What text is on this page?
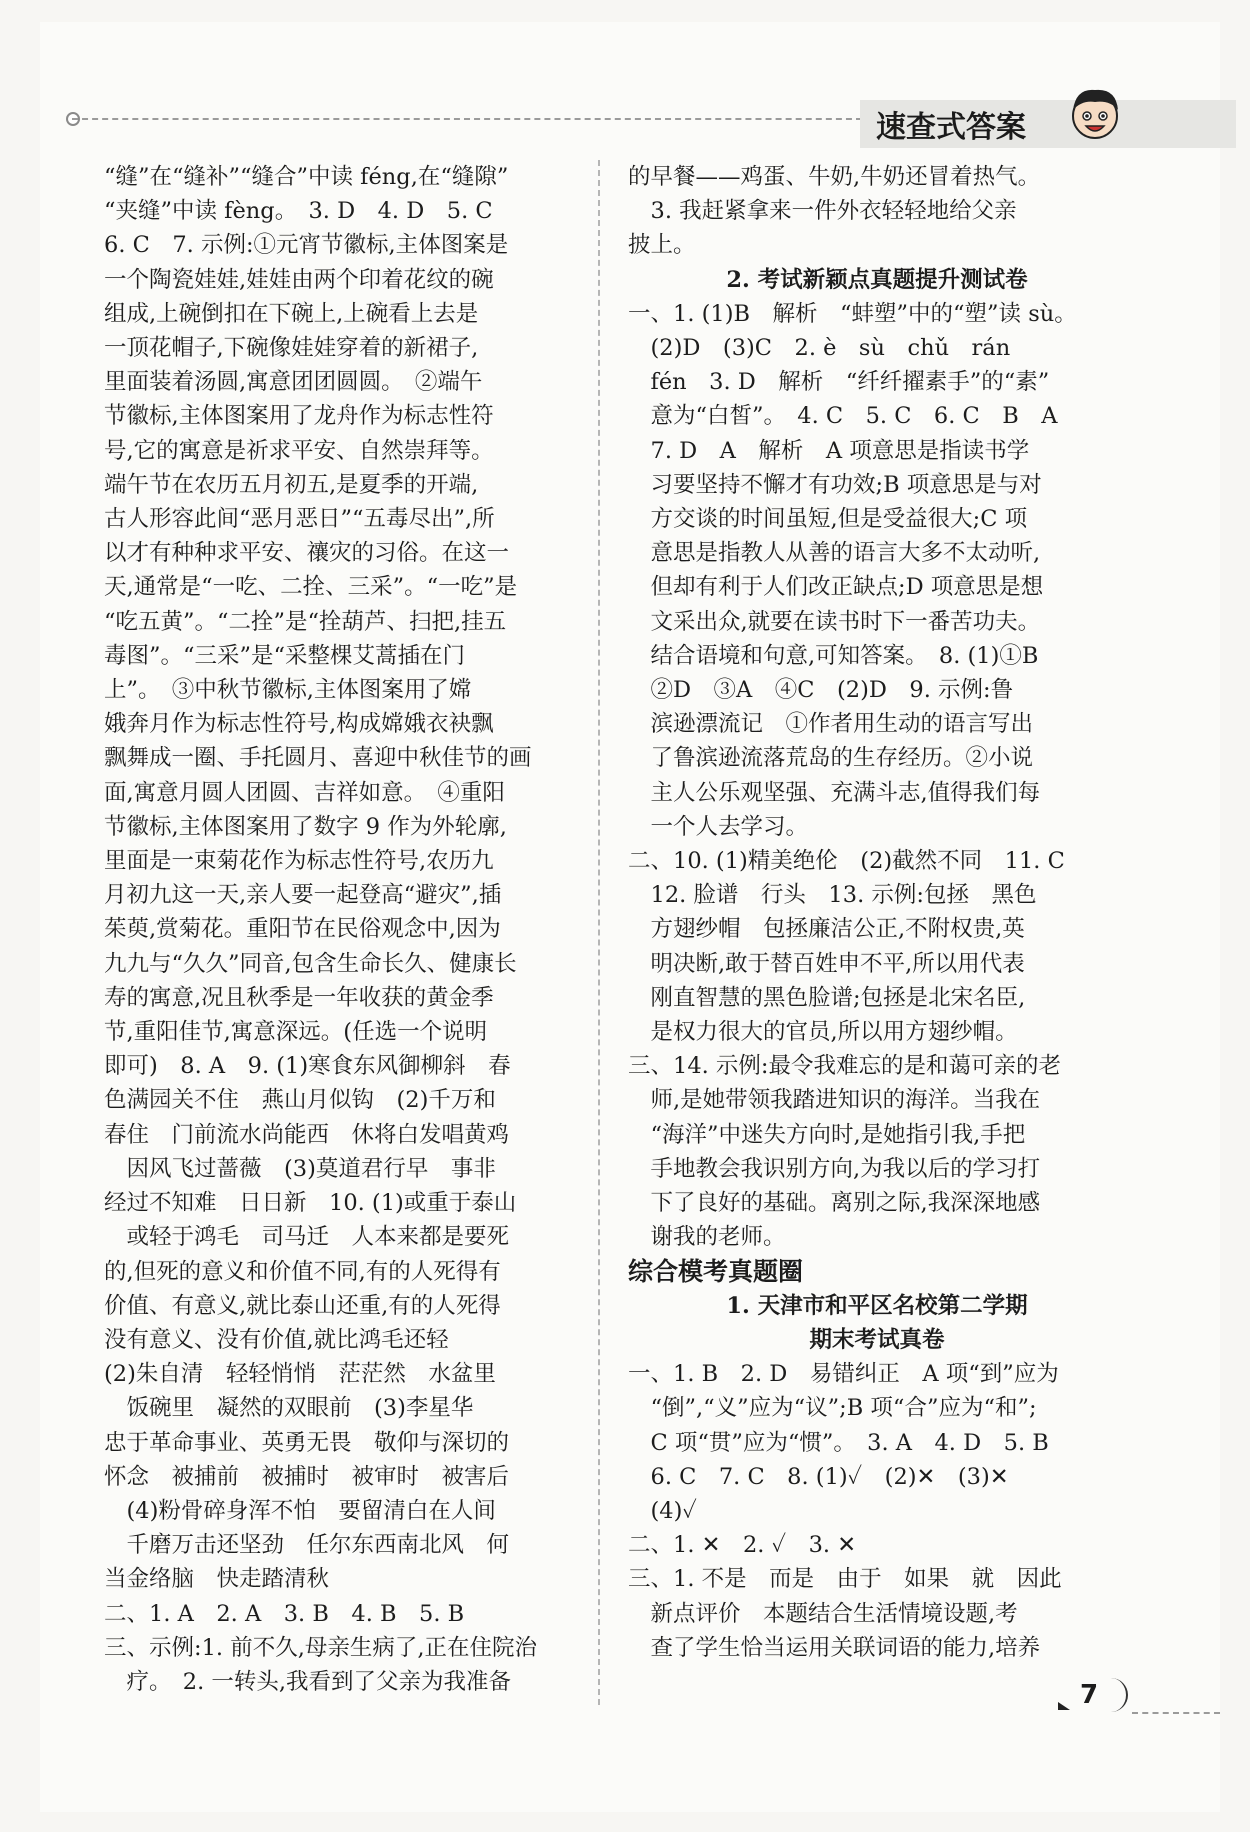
速查式答案

“缝”在“缝补”“缝合”中读 féng,在“缝隙”

“夹缝”中读 fèng。　3. D　4. D　5. C

6. C　7. 示例:①元宵节徽标,主体图案是

一个陶瓷娃娃,娃娃由两个印着花纹的碗

组成,上碗倒扣在下碗上,上碗看上去是

一顶花帽子,下碗像娃娃穿着的新裙子,

里面装着汤圆,寓意团团圆圆。　②端午

节徽标,主体图案用了龙舟作为标志性符

号,它的寓意是祈求平安、自然崇拜等。

端午节在农历五月初五,是夏季的开端,

古人形容此间“恶月恶日”“五毒尽出”,所

以才有种种求平安、禳灾的习俗。在这一

天,通常是“一吃、二拴、三采”。“一吃”是

“吃五黄”。“二拴”是“拴葫芦、扫把,挂五

毒图”。“三采”是“采整棵艾蒿插在门

上”。　③中秋节徽标,主体图案用了嫦

娥奔月作为标志性符号,构成嫦娥衣袂飘

飘舞成一圈、手托圆月、喜迎中秋佳节的画

面,寓意月圆人团圆、吉祥如意。　④重阳

节徽标,主体图案用了数字 9 作为外轮廓,

里面是一束菊花作为标志性符号,农历九

月初九这一天,亲人要一起登高“避灾”,插

茱萸,赏菊花。重阳节在民俗观念中,因为

九九与“久久”同音,包含生命长久、健康长

寿的寓意,况且秋季是一年收获的黄金季

节,重阳佳节,寓意深远。(任选一个说明

即可)　8. A　9. (1)寒食东风御柳斜　春

色满园关不住　燕山月似钩　(2)千万和

春住　门前流水尚能西　休将白发唱黄鸡

　因风飞过蔷薇　(3)莫道君行早　事非

经过不知难　日日新　10. (1)或重于泰山

　或轻于鸿毛　司马迁　人本来都是要死

的,但死的意义和价值不同,有的人死得有

价值、有意义,就比泰山还重,有的人死得

没有意义、没有价值,就比鸿毛还轻

(2)朱自清　轻轻悄悄　茫茫然　水盆里

　饭碗里　凝然的双眼前　(3)李星华

忠于革命事业、英勇无畏　敬仰与深切的

怀念　被捕前　被捕时　被审时　被害后

　(4)粉骨碎身浑不怕　要留清白在人间

　千磨万击还坚劲　任尔东西南北风　何

当金络脑　快走踏清秋

二、1. A　2. A　3. B　4. B　5. B

三、示例:1. 前不久,母亲生病了,正在住院治

　疗。　2. 一转头,我看到了父亲为我准备

的早餐——鸡蛋、牛奶,牛奶还冒着热气。

　3. 我赶紧拿来一件外衣轻轻地给父亲

披上。

2. 考试新颖点真题提升测试卷

一、1. (1)B　解析　“蚌塑”中的“塑”读 sù。

　(2)D　(3)C　2. è　sù　chǔ　rán

　fén　3. D　解析　“纤纤擢素手”的“素”

　意为“白皙”。　4. C　5. C　6. C　B　A

　7. D　A　解析　A 项意思是指读书学

　习要坚持不懈才有功效;B 项意思是与对

　方交谈的时间虽短,但是受益很大;C 项

　意思是指教人从善的语言大多不太动听,

　但却有利于人们改正缺点;D 项意思是想

　文采出众,就要在读书时下一番苦功夫。

　结合语境和句意,可知答案。　8. (1)①B

　②D　③A　④C　(2)D　9. 示例:鲁

　滨逊漂流记　①作者用生动的语言写出

　了鲁滨逊流落荒岛的生存经历。②小说

　主人公乐观坚强、充满斗志,值得我们每

　一个人去学习。

二、10. (1)精美绝伦　(2)截然不同　11. C

　12. 脸谱　行头　13. 示例:包拯　黑色

　方翅纱帽　包拯廉洁公正,不附权贵,英

　明决断,敢于替百姓申不平,所以用代表

　刚直智慧的黑色脸谱;包拯是北宋名臣,

　是权力很大的官员,所以用方翅纱帽。

三、14. 示例:最令我难忘的是和蔼可亲的老

　师,是她带领我踏进知识的海洋。当我在

　“海洋”中迷失方向时,是她指引我,手把

　手地教会我识别方向,为我以后的学习打

　下了良好的基础。离别之际,我深深地感

　谢我的老师。

综合模考真题圈

1. 天津市和平区名校第二学期

期末考试真卷

一、1. B　2. D　易错纠正　A 项“到”应为

　“倒”,“义”应为“议”;B 项“合”应为“和”;

　C 项“贯”应为“惯”。　3. A　4. D　5. B

　6. C　7. C　8. (1)✓　(2)✕　(3)✕

　(4)✓

二、1. ✕　2. ✓　3. ✕

三、1. 不是　而是　由于　如果　就　因此

　新点评价　本题结合生活情境设题,考

　查了学生恰当运用关联词语的能力,培养

7
